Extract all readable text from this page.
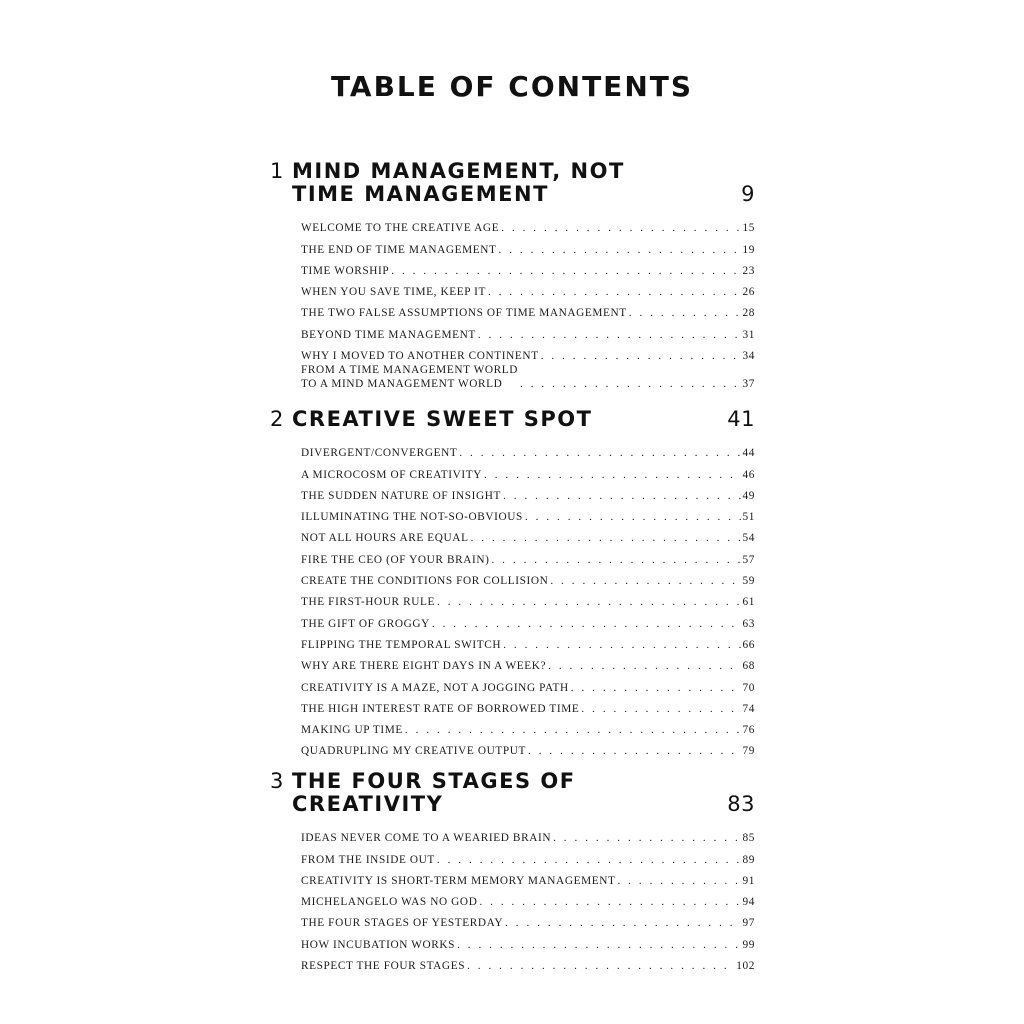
TABLE OF CONTENTS
1 MIND MANAGEMENT, NOT TIME MANAGEMENT	9
WELCOME TO THE CREATIVE AGE . . .	15
THE END OF TIME MANAGEMENT . . .	19
TIME WORSHIP . . .	23
WHEN YOU SAVE TIME, KEEP IT . . .	26
THE TWO FALSE ASSUMPTIONS OF TIME MANAGEMENT . . .	28
BEYOND TIME MANAGEMENT . . .	31
WHY I MOVED TO ANOTHER CONTINENT . . .	34
FROM A TIME MANAGEMENT WORLD
TO A MIND MANAGEMENT WORLD . . .	37
2 CREATIVE SWEET SPOT	41
DIVERGENT/CONVERGENT . . .	44
A MICROCOSM OF CREATIVITY . . .	46
THE SUDDEN NATURE OF INSIGHT . . .	49
ILLUMINATING THE NOT-SO-OBVIOUS . . .	51
NOT ALL HOURS ARE EQUAL . . .	54
FIRE THE CEO (OF YOUR BRAIN) . . .	57
CREATE THE CONDITIONS FOR COLLISION . . .	59
THE FIRST-HOUR RULE . . .	61
THE GIFT OF GROGGY . . .	63
FLIPPING THE TEMPORAL SWITCH . . .	66
WHY ARE THERE EIGHT DAYS IN A WEEK? . . .	68
CREATIVITY IS A MAZE, NOT A JOGGING PATH . . .	70
THE HIGH INTEREST RATE OF BORROWED TIME . . .	74
MAKING UP TIME . . .	76
QUADRUPLING MY CREATIVE OUTPUT . . .	79
3 THE FOUR STAGES OF CREATIVITY	83
IDEAS NEVER COME TO A WEARIED BRAIN . . .	85
FROM THE INSIDE OUT . . .	89
CREATIVITY IS SHORT-TERM MEMORY MANAGEMENT . . .	91
MICHELANGELO WAS NO GOD . . .	94
THE FOUR STAGES OF YESTERDAY . . .	97
HOW INCUBATION WORKS . . .	99
RESPECT THE FOUR STAGES . . .	102
